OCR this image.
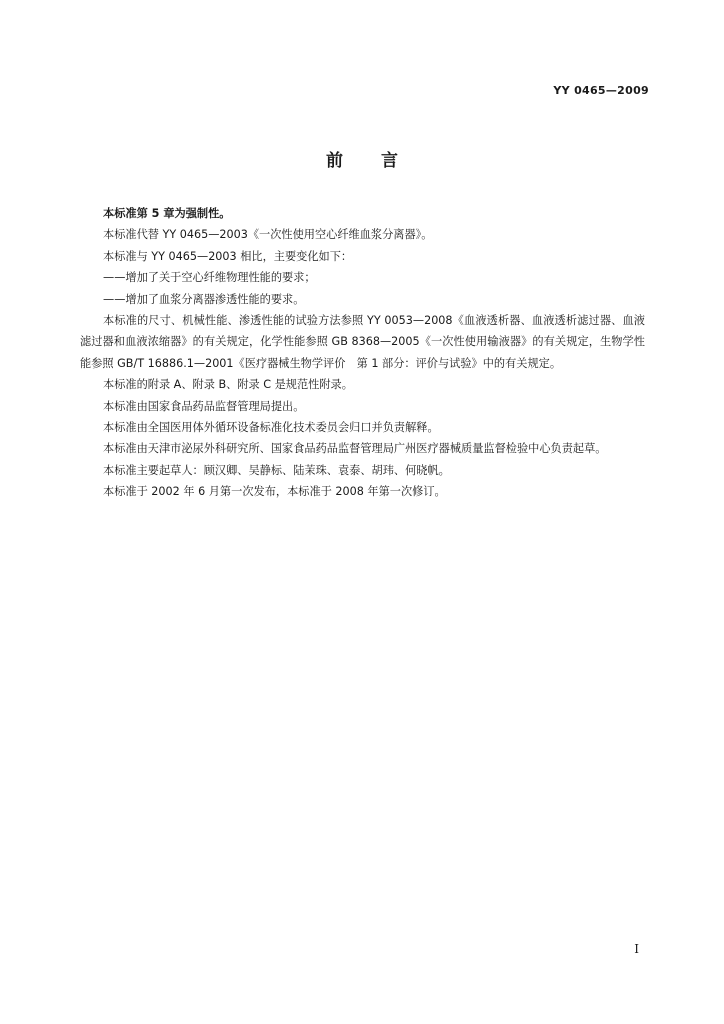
YY 0465—2009
前言

本标准第 5 章为强制性。

本标准代替 YY 0465—2003《一次性使用空心纤维血浆分离器》。

本标准与 YY 0465—2003 相比，主要变化如下：

——增加了关于空心纤维物理性能的要求；

——增加了血浆分离器渗透性能的要求。

本标准的尺寸、机械性能、渗透性能的试验方法参照 YY 0053—2008《血液透析器、血液透析滤过器、血液滤过器和血液浓缩器》的有关规定，化学性能参照 GB 8368—2005《一次性使用输液器》的有关规定，生物学性能参照 GB/T 16886.1—2001《医疗器械生物学评价　第 1 部分：评价与试验》中的有关规定。

本标准的附录 A、附录 B、附录 C 是规范性附录。

本标准由国家食品药品监督管理局提出。

本标准由全国医用体外循环设备标准化技术委员会归口并负责解释。

本标准由天津市泌尿外科研究所、国家食品药品监督管理局广州医疗器械质量监督检验中心负责起草。

本标准主要起草人：顾汉卿、吴静标、陆茉珠、袁泰、胡玮、何晓帆。

本标准于 2002 年 6 月第一次发布，本标准于 2008 年第一次修订。

I
